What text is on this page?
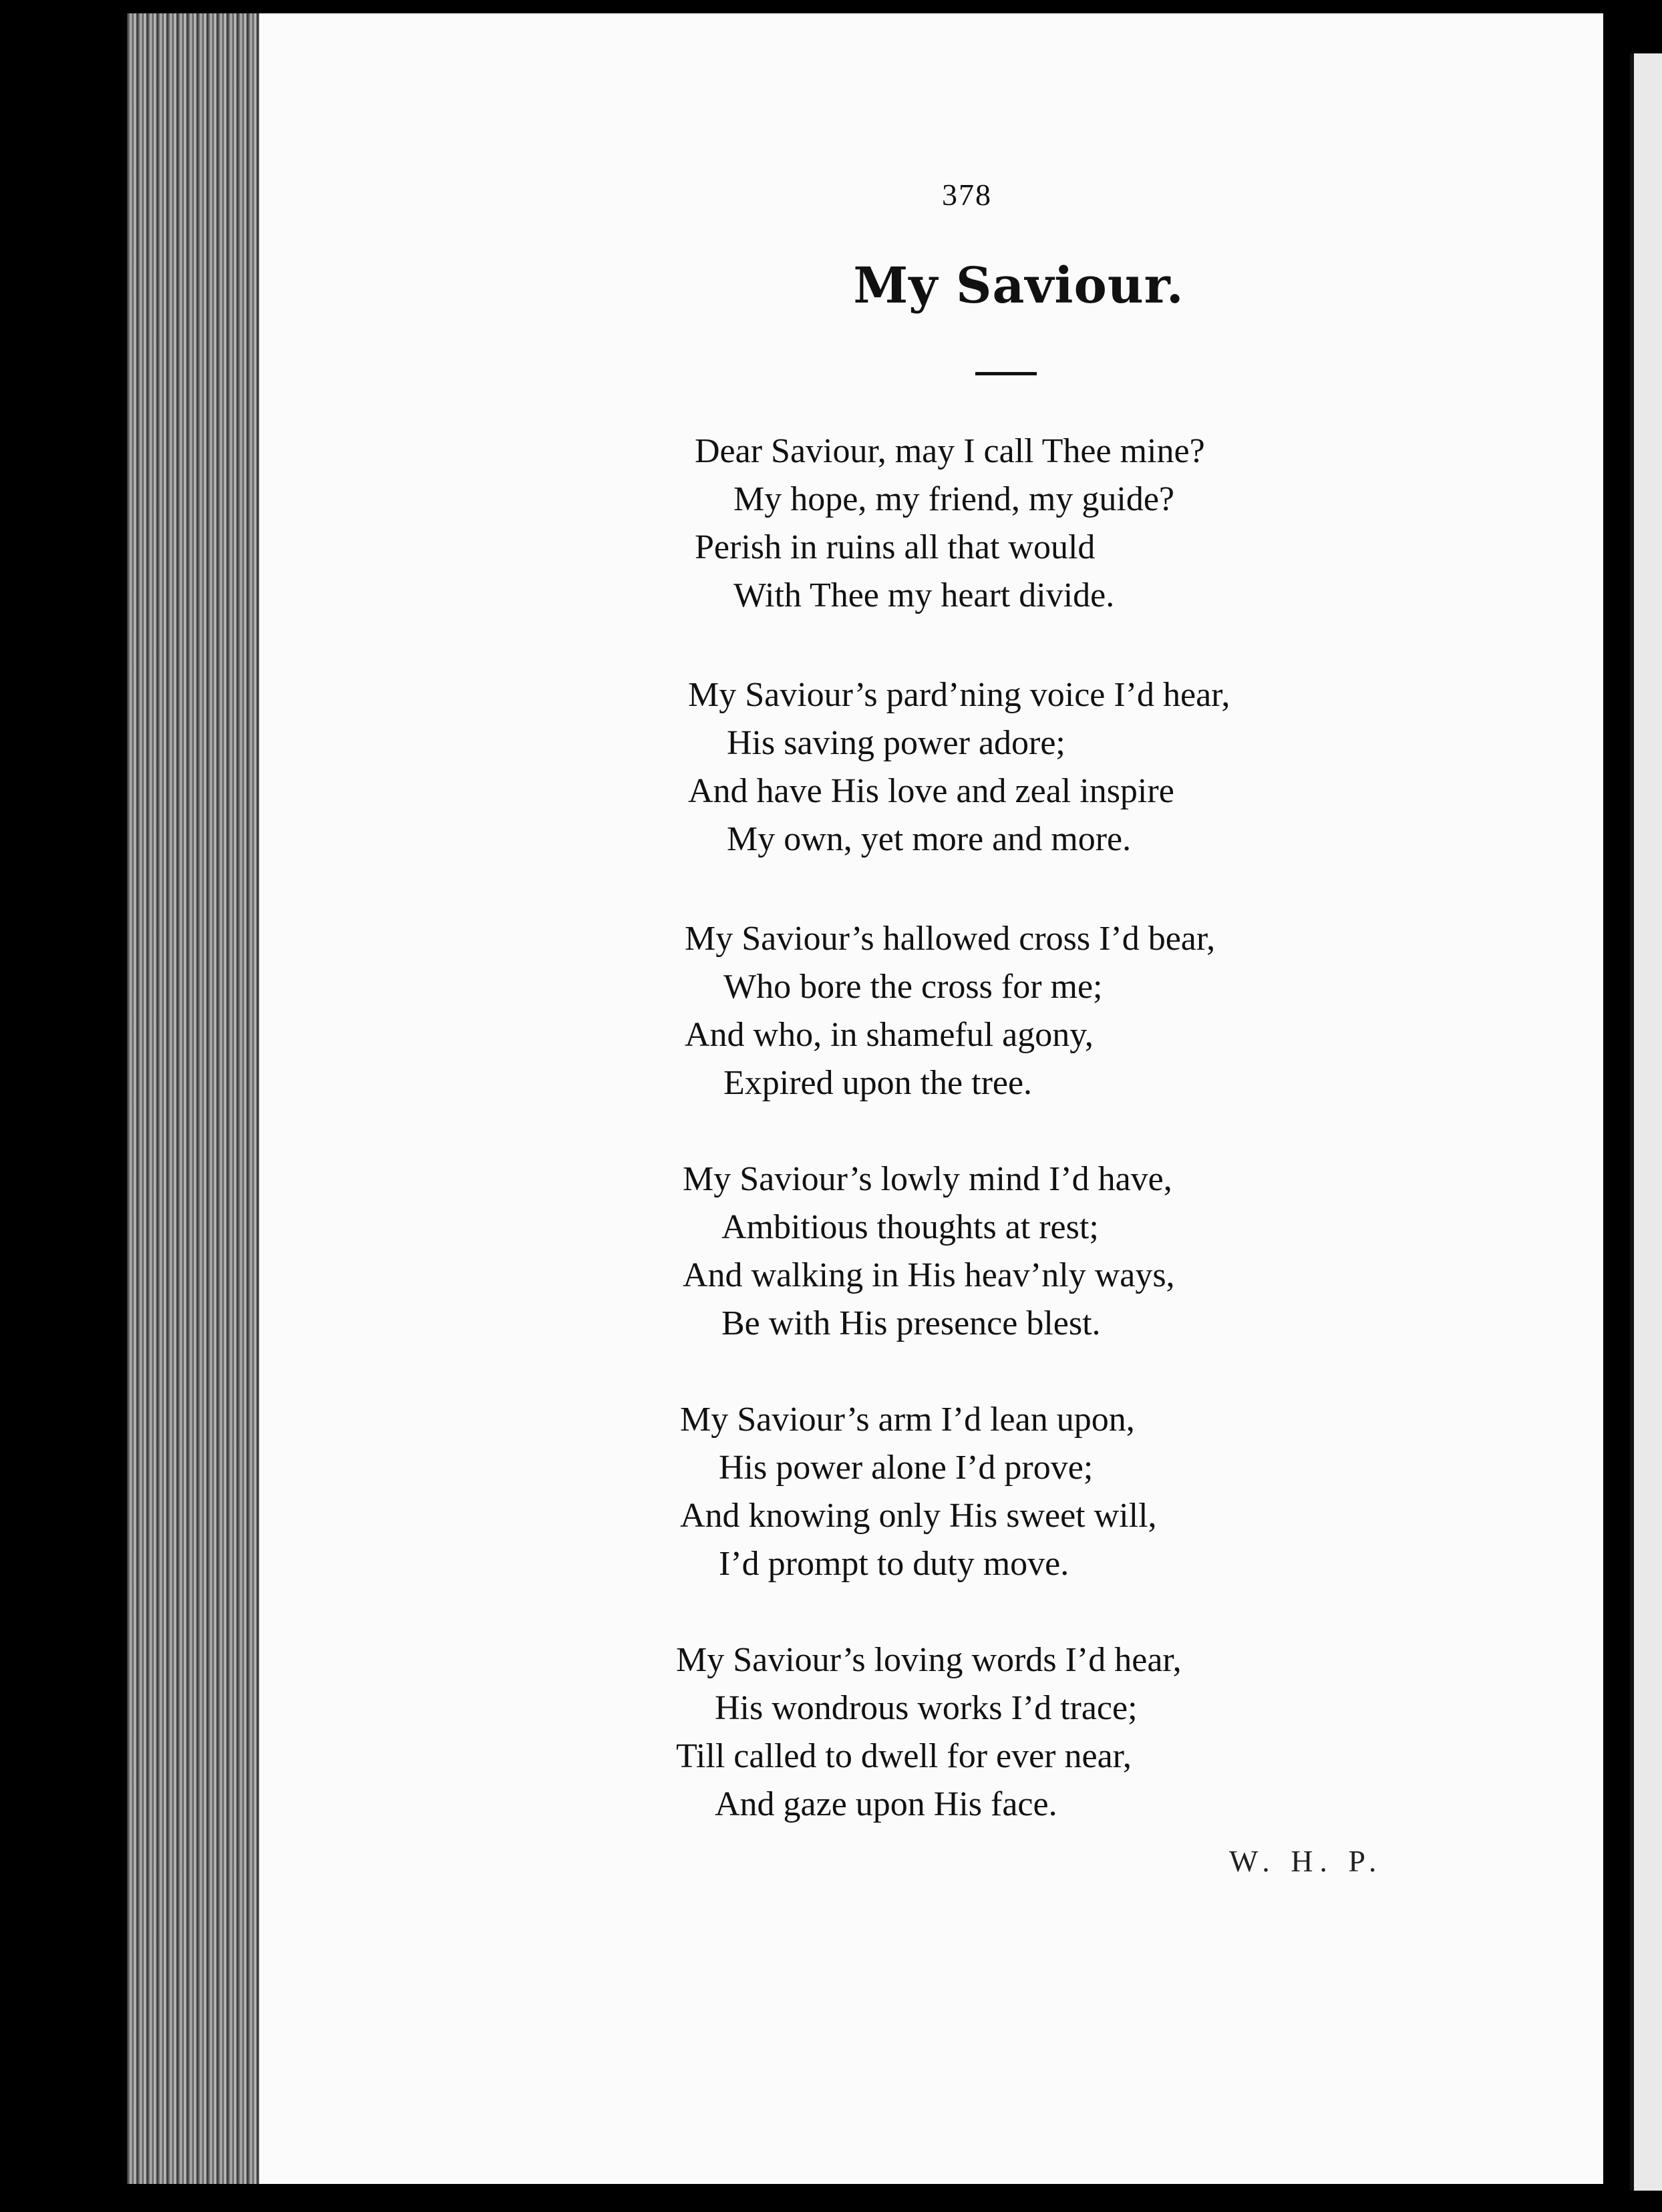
378
My Saviour.
Dear Saviour, may I call Thee mine?
My hope, my friend, my guide?
Perish in ruins all that would
With Thee my heart divide.
My Saviour’s pard’ning voice I’d hear,
His saving power adore;
And have His love and zeal inspire
My own, yet more and more.
My Saviour’s hallowed cross I’d bear,
Who bore the cross for me;
And who, in shameful agony,
Expired upon the tree.
My Saviour’s lowly mind I’d have,
Ambitious thoughts at rest;
And walking in His heav’nly ways,
Be with His presence blest.
My Saviour’s arm I’d lean upon,
His power alone I’d prove;
And knowing only His sweet will,
I’d prompt to duty move.
My Saviour’s loving words I’d hear,
His wondrous works I’d trace;
Till called to dwell for ever near,
And gaze upon His face.
W. H. P.
